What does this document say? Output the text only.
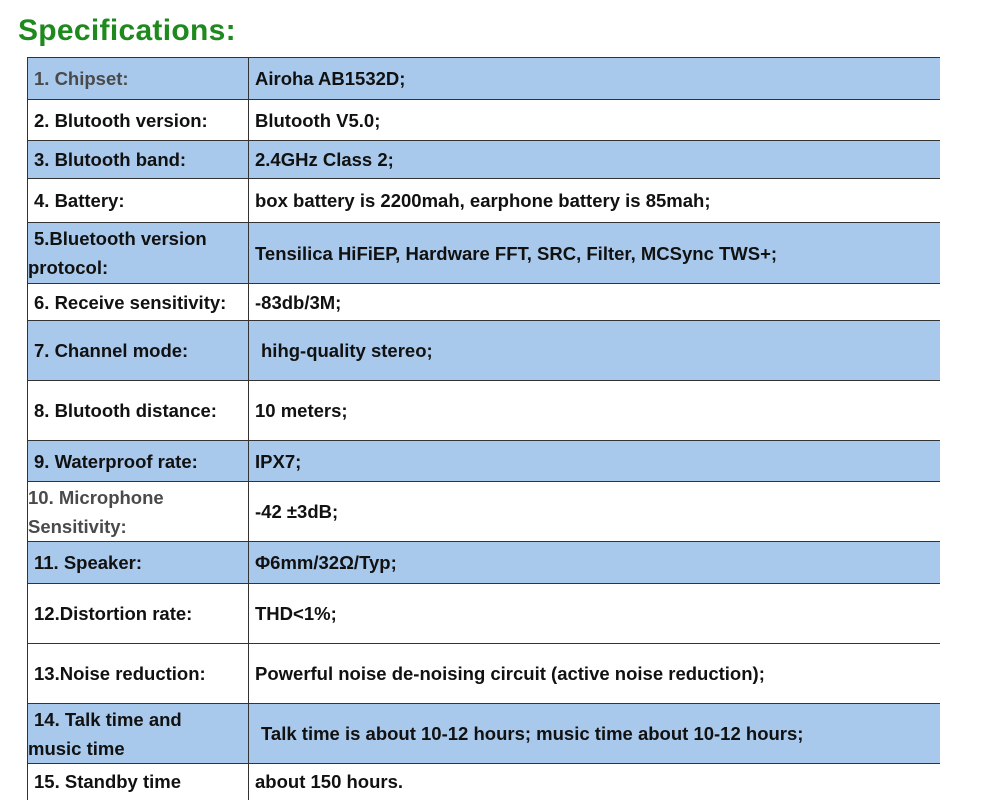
Specifications:
1. Chipset:	Airoha AB1532D;
2. Blutooth version:	Blutooth V5.0;
3. Blutooth band:	2.4GHz Class 2;
4. Battery:	box battery is 2200mah, earphone battery is 85mah;
5.Bluetooth version
protocol:	Tensilica HiFiEP, Hardware FFT, SRC, Filter, MCSync TWS+;
6. Receive sensitivity:	-83db/3M;
7. Channel mode:	hihg-quality stereo;
8. Blutooth distance:	10 meters;
9. Waterproof rate:	IPX7;
10. Microphone
Sensitivity:	-42 ±3dB;
11. Speaker:	Φ6mm/32Ω/Typ;
12.Distortion rate:	THD<1%;
13.Noise reduction:	Powerful noise de-noising circuit (active noise reduction);
14. Talk time and
music time	Talk time is about 10-12 hours; music time about 10-12 hours;
15. Standby time	about 150 hours.
